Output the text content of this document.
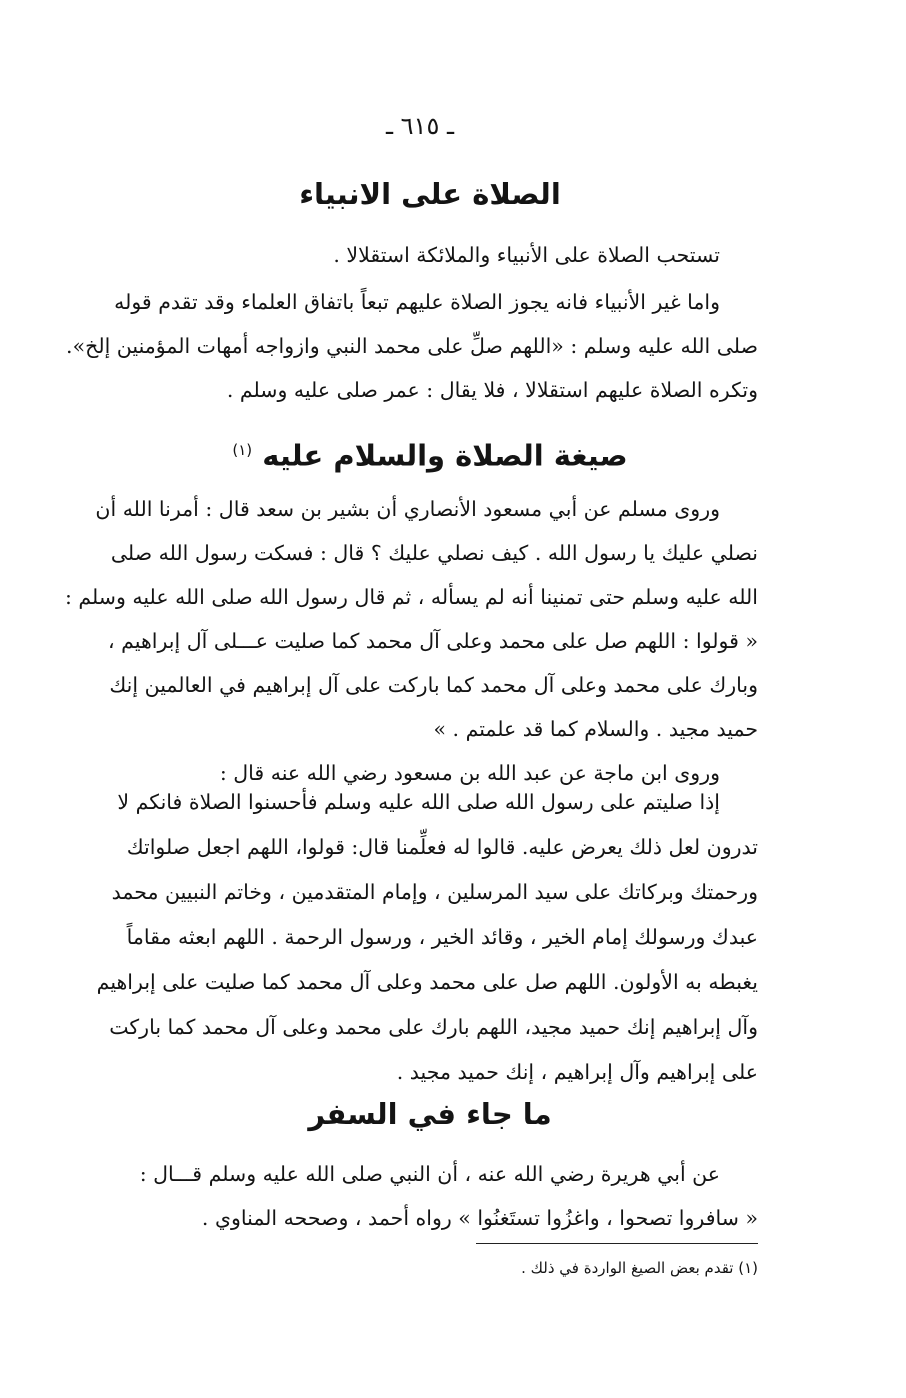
ـ ٦١٥ ـ
الصلاة على الانبياء
تستحب الصلاة على الأنبياء والملائكة استقلالا .
واما غير الأنبياء فانه يجوز الصلاة عليهم تبعاً باتفاق العلماء وقد تقدم قوله
صلى الله عليه وسلم : «اللهم صلِّ على محمد النبي وازواجه أمهات المؤمنين إلخ».
وتكره الصلاة عليهم استقلالا ، فلا يقال : عمر صلى عليه وسلم .
صيغة الصلاة والسلام عليه $^{(١)}$
وروى مسلم عن أبي مسعود الأنصاري أن بشير بن سعد قال : أمرنا الله أن
نصلي عليك يا رسول الله . كيف نصلي عليك ؟ قال : فسكت رسول الله صلى
الله عليه وسلم حتى تمنينا أنه لم يسأله ، ثم قال رسول الله صلى الله عليه وسلم :
« قولوا : اللهم صل على محمد وعلى آل محمد كما صليت عـــلى آل إبراهيم ،
وبارك على محمد وعلى آل محمد كما باركت على آل إبراهيم في العالمين إنك
حميد مجيد . والسلام كما قد علمتم . »
وروى ابن ماجة عن عبد الله بن مسعود رضي الله عنه قال :
إذا صليتم على رسول الله صلى الله عليه وسلم فأحسنوا الصلاة فانكم لا
تدرون لعل ذلك يعرض عليه. قالوا له فعلِّمنا قال: قولوا، اللهم اجعل صلواتك
ورحمتك وبركاتك على سيد المرسلين ، وإمام المتقدمين ، وخاتم النبيين محمد
عبدك ورسولك إمام الخير ، وقائد الخير ، ورسول الرحمة . اللهم ابعثه مقاماً
يغبطه به الأولون. اللهم صل على محمد وعلى آل محمد كما صليت على إبراهيم
وآل إبراهيم إنك حميد مجيد، اللهم بارك على محمد وعلى آل محمد كما باركت
على إبراهيم وآل إبراهيم ، إنك حميد مجيد .
ما جاء في السفر
عن أبي هريرة رضي الله عنه ، أن النبي صلى الله عليه وسلم قـــال :
« سافروا تصحوا ، واغزُوا تستَغنُوا » رواه أحمد ، وصححه المناوي .
(١) تقدم بعض الصيغ الواردة في ذلك .
